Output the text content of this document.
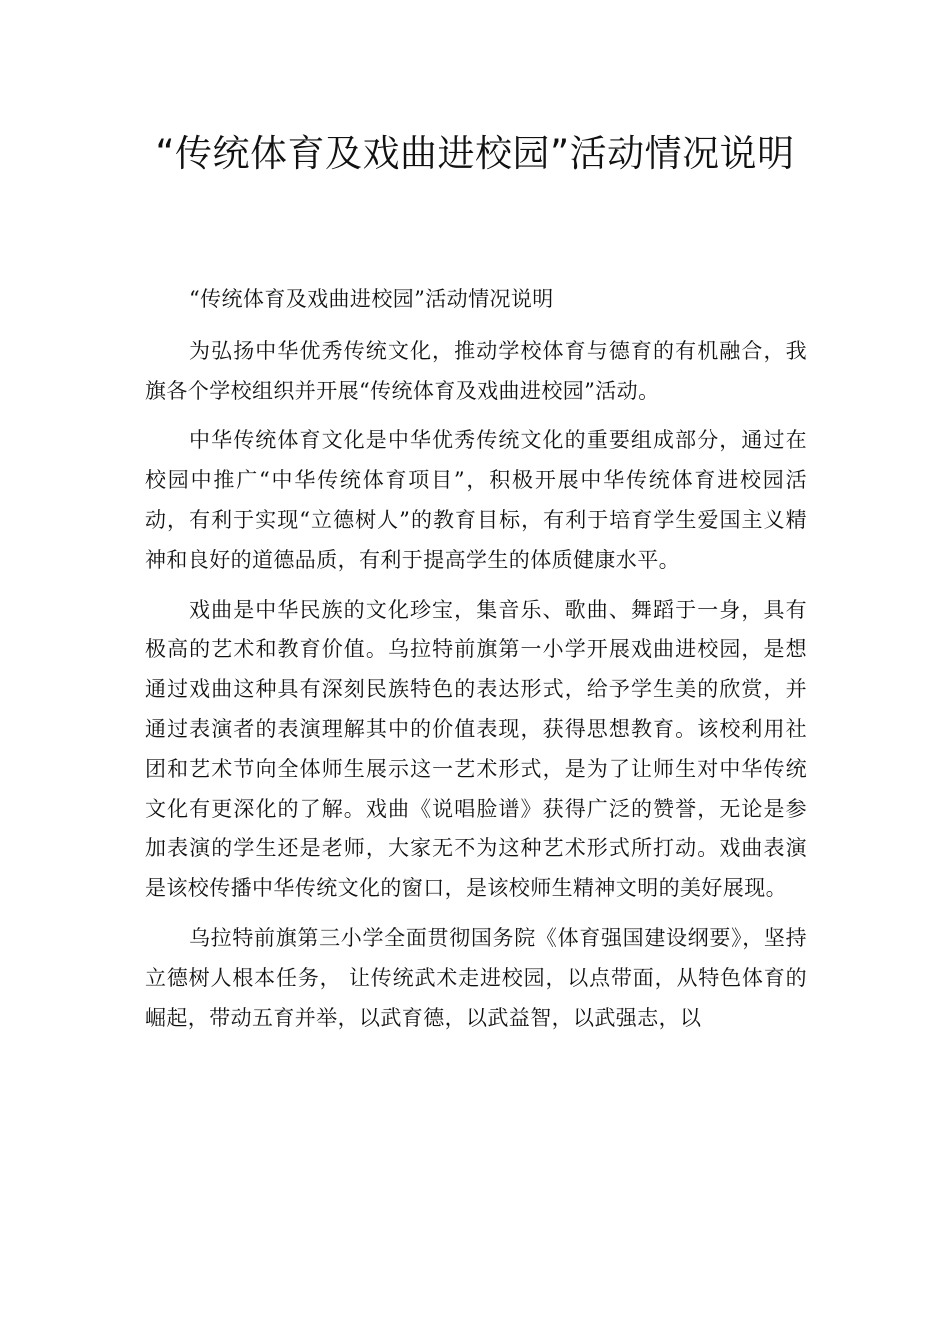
“传统体育及戏曲进校园”活动情况说明

“传统体育及戏曲进校园”活动情况说明

为弘扬中华优秀传统文化，推动学校体育与德育的有机融合，我旗各个学校组织并开展“传统体育及戏曲进校园”活动。

中华传统体育文化是中华优秀传统文化的重要组成部分，通过在校园中推广“中华传统体育项目”，积极开展中华传统体育进校园活动，有利于实现“立德树人”的教育目标，有利于培育学生爱国主义精神和良好的道德品质，有利于提高学生的体质健康水平。

戏曲是中华民族的文化珍宝，集音乐、歌曲、舞蹈于一身，具有极高的艺术和教育价值。乌拉特前旗第一小学开展戏曲进校园，是想通过戏曲这种具有深刻民族特色的表达形式，给予学生美的欣赏，并通过表演者的表演理解其中的价值表现，获得思想教育。该校利用社团和艺术节向全体师生展示这一艺术形式，是为了让师生对中华传统文化有更深化的了解。戏曲《说唱脸谱》获得广泛的赞誉，无论是参加表演的学生还是老师，大家无不为这种艺术形式所打动。戏曲表演是该校传播中华传统文化的窗口，是该校师生精神文明的美好展现。

乌拉特前旗第三小学全面贯彻国务院《体育强国建设纲要》，坚持立德树人根本任务， 让传统武术走进校园，以点带面，从特色体育的崛起，带动五育并举，以武育德，以武益智，以武强志，以
